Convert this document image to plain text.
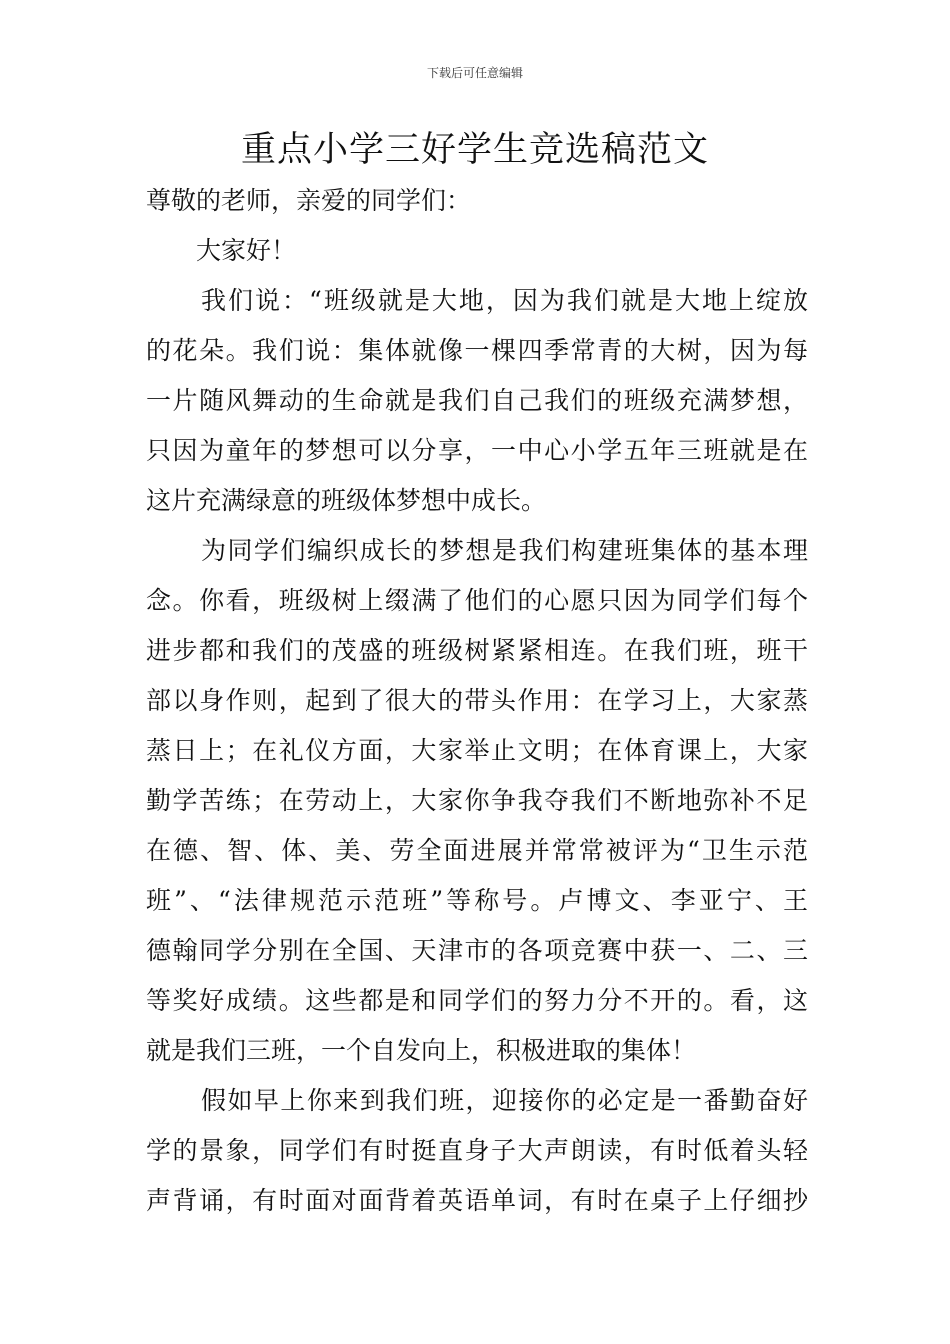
下载后可任意编辑
重点小学三好学生竞选稿范文
尊敬的老师，亲爱的同学们：
大家好！
我们说：“班级就是大地，因为我们就是大地上绽放
的花朵。我们说：集体就像一棵四季常青的大树，因为每
一片随风舞动的生命就是我们自己我们的班级充满梦想，
只因为童年的梦想可以分享，一中心小学五年三班就是在
这片充满绿意的班级体梦想中成长。
为同学们编织成长的梦想是我们构建班集体的基本理
念。你看，班级树上缀满了他们的心愿只因为同学们每个
进步都和我们的茂盛的班级树紧紧相连。在我们班，班干
部以身作则，起到了很大的带头作用：在学习上，大家蒸
蒸日上；在礼仪方面，大家举止文明；在体育课上，大家
勤学苦练；在劳动上，大家你争我夺我们不断地弥补不足
在德、智、体、美、劳全面进展并常常被评为“卫生示范
班”、“法律规范示范班”等称号。卢博文、李亚宁、王
德翰同学分别在全国、天津市的各项竞赛中获一、二、三
等奖好成绩。这些都是和同学们的努力分不开的。看，这
就是我们三班，一个自发向上，积极进取的集体！
假如早上你来到我们班，迎接你的必定是一番勤奋好
学的景象，同学们有时挺直身子大声朗读，有时低着头轻
声背诵，有时面对面背着英语单词，有时在桌子上仔细抄
